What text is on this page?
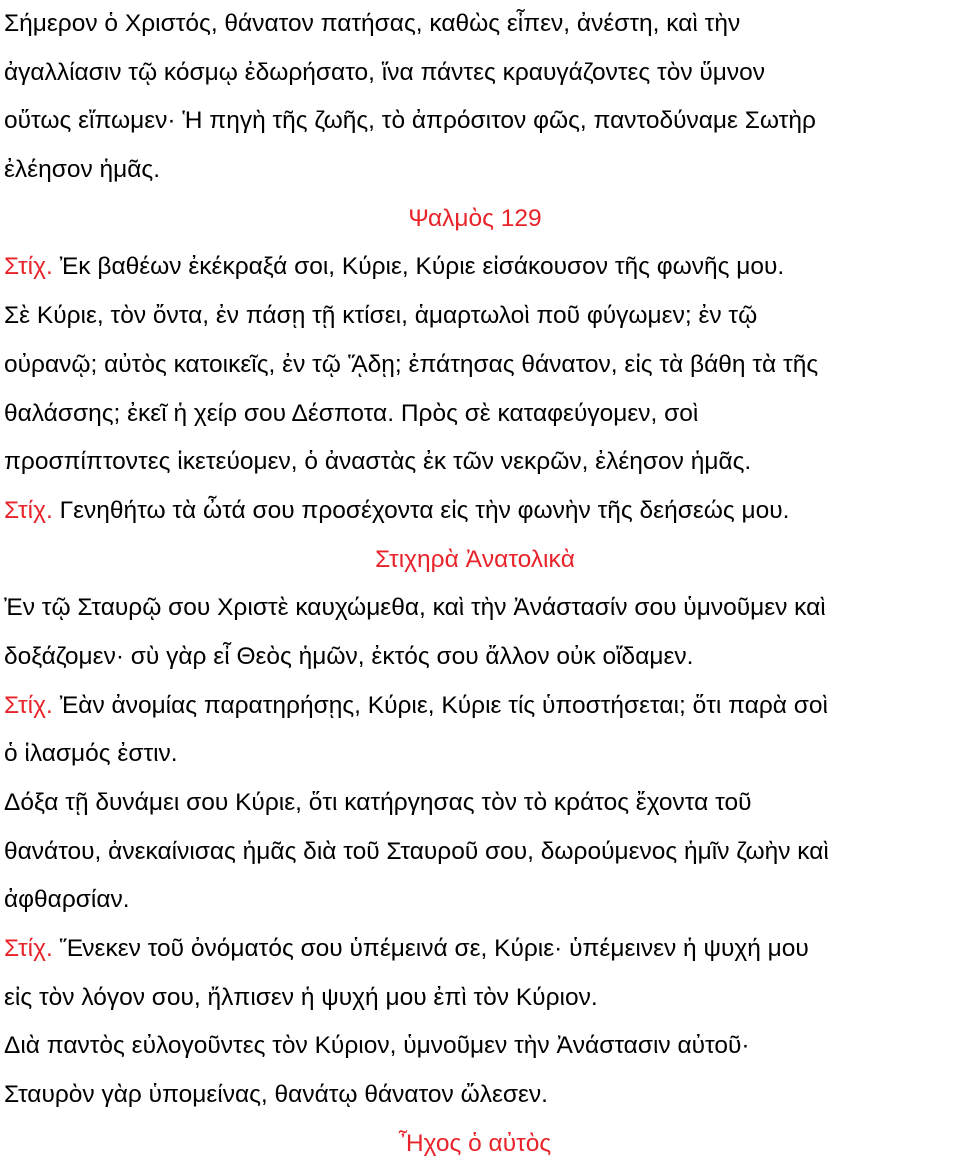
Σήμερον ὁ Χριστός, θάνατον πατήσας, καθὼς εἶπεν, ἀνέστη, καὶ τὴν
ἀγαλλίασιν τῷ κόσμῳ ἐδωρήσατο, ἵνα πάντες κραυγάζοντες τὸν ὕμνον
οὕτως εἴπωμεν· Ἡ πηγὴ τῆς ζωῆς, τὸ ἀπρόσιτον φῶς, παντοδύναμε Σωτὴρ
ἐλέησον ἡμᾶς.
Ψαλμὸς 129
Στίχ. Ἐκ βαθέων ἐκέκραξά σοι, Κύριε, Κύριε εἰσάκουσον τῆς φωνῆς μου.
Σὲ Κύριε, τὸν ὄντα, ἐν πάσῃ τῇ κτίσει, ἁμαρτωλοὶ ποῦ φύγωμεν; ἐν τῷ
οὐρανῷ; αὐτὸς κατοικεῖς, ἐν τῷ ᾍδῃ; ἐπάτησας θάνατον, εἰς τὰ βάθη τὰ τῆς
θαλάσσης; ἐκεῖ ἡ χείρ σου Δέσποτα. Πρὸς σὲ καταφεύγομεν, σοὶ
προσπίπτοντες ἱκετεύομεν, ὁ ἀναστὰς ἐκ τῶν νεκρῶν, ἐλέησον ἡμᾶς.
Στίχ. Γενηθήτω τὰ ὦτά σου προσέχοντα εἰς τὴν φωνὴν τῆς δεήσεώς μου.
Στιχηρὰ Ἀνατολικὰ
Ἐν τῷ Σταυρῷ σου Χριστὲ καυχώμεθα, καὶ τὴν Ἀνάστασίν σου ὑμνοῦμεν καὶ
δοξάζομεν· σὺ γὰρ εἶ Θεὸς ἡμῶν, ἐκτός σου ἄλλον οὐκ οἴδαμεν.
Στίχ. Ἐὰν ἀνομίας παρατηρήσῃς, Κύριε, Κύριε τίς ὑποστήσεται; ὅτι παρὰ σοὶ
ὁ ἱλασμός ἐστιν.
Δόξα τῇ δυνάμει σου Κύριε, ὅτι κατήργησας τὸν τὸ κράτος ἔχοντα τοῦ
θανάτου, ἀνεκαίνισας ἡμᾶς διὰ τοῦ Σταυροῦ σου, δωρούμενος ἡμῖν ζωὴν καὶ
ἀφθαρσίαν.
Στίχ. Ἕνεκεν τοῦ ὀνόματός σου ὑπέμεινά σε, Κύριε· ὑπέμεινεν ἡ ψυχή μου
εἰς τὸν λόγον σου, ἤλπισεν ἡ ψυχή μου ἐπὶ τὸν Κύριον.
Διὰ παντὸς εὐλογοῦντες τὸν Κύριον, ὑμνοῦμεν τὴν Ἀνάστασιν αὐτοῦ·
Σταυρὸν γὰρ ὑπομείνας, θανάτῳ θάνατον ὤλεσεν.
Ἦχος ὁ αὐτὸς
